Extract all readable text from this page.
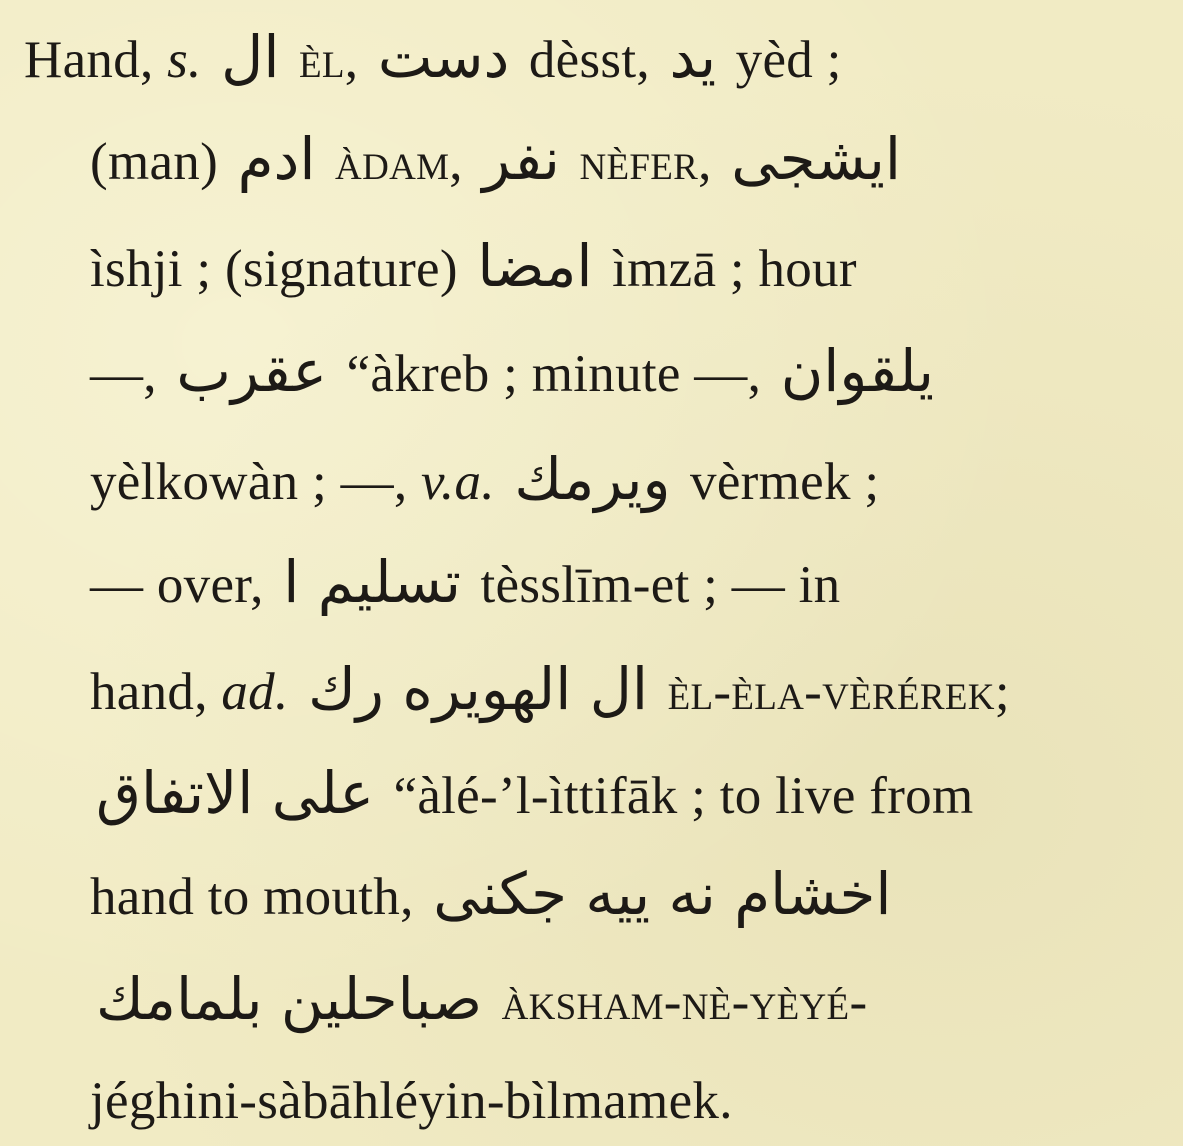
Hand, s. ال èl, دست dèsst, يد yèd ;
(man) ادم àdam, نفر nèfer, ايشجى
ìshji ; (signature) امضا ìmzā ; hour
—, عقرب “àkreb ; minute —, يلقوان
yèlkowàn ; —, v.a. ويرمك vèrmek ;
— over, تسليم ا tèsslīm-et ; — in
hand, ad. ال الهويره رك èl-èla-vèrérek;
على الاتفاق “àlé-’l-ìttifāk ; to live from
hand to mouth, اخشام نه ييه جكنى
صباحلين بلمامك àksham-nè-yèyé-
jéghini-sàbāhléyin-bìlmamek.
